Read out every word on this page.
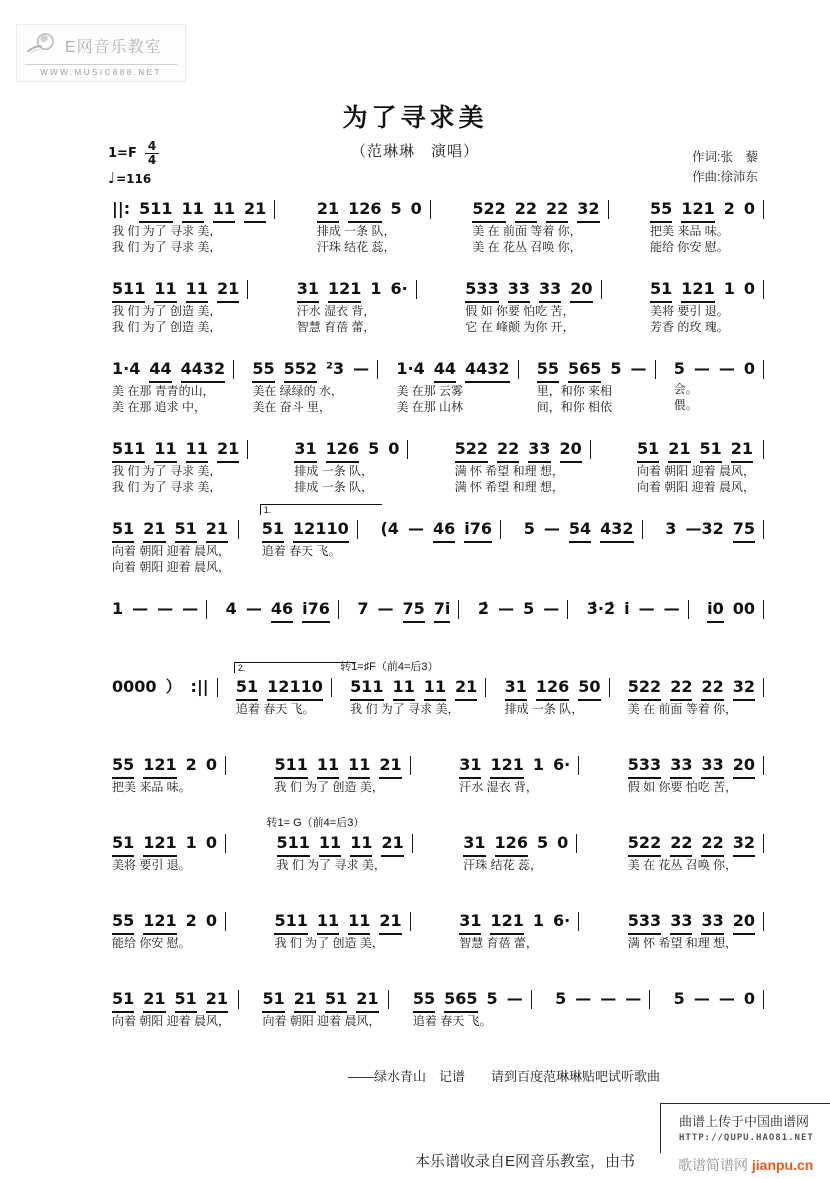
E网音乐教室
WWW.MUSIC888.NET
为了寻求美
（范琳琳　演唱）	作词:张　藜
作曲:徐沛东
$1=F \frac{4}{4}$
♩=116
||: 511 11 11 21
我 们 为了 寻求 美，
我 们 为了 寻求 美，
21 126 5 0
排成 一条 队，
汗珠 结花 蕊，
522 22 22 32
美 在 前面 等着 你，
美 在 花丛 召唤 你，
55 121 2 0
把美 来品 味。
能给 你安 慰。
511 11 11 21
我 们 为了 创造 美，
我 们 为了 创造 美，
31 121 1 6·
汗水 湿衣 背，
智慧 育蓓 蕾，
533 33 33 20
假 如 你要 怕吃 苦，
它 在 峰颠 为你 开，
51 121 1 0
美将 要引 退。
芳香 的玫 瑰。
1·4 44 4432
美 在那 青青的山，
美 在那 追求 中，
55 552 ²3 —
美在 绿绿的 水，
美在 奋斗 里，
1·4 44 4432
美 在那 云雾
美 在那 山林
55 565 5 —
里，和你 来相
间，和你 相依
5 — — 0
会。
偎。
511 11 11 21
我 们 为了 寻求 美，
我 们 为了 寻求 美，
31 126 5 0
排成 一条 队，
排成 一条 队，
522 22 33 20
满 怀 希望 和理 想，
满 怀 希望 和理 想，
51 21 51 21
向着 朝阳 迎着 晨风，
向着 朝阳 迎着 晨风，
51 21 51 21
向着 朝阳 迎着 晨风，
向着 朝阳 迎着 晨风，
1.
51 12110
追着 春天 飞。
(4 — 46 i76 5 — 54 432 3 —32 75
1 — — — 4 — 46 i76 7 — 75 7i 2̇ — 5 — 3̇·2̇ i — — i0 00
0000 ） :||
2.
51 12110
追着 春天 飞。
转1=♯F（前4=后3）
511 11 11 21
我 们 为了 寻求 美，
31 126 50
排成 一条 队，
522 22 22 32
美 在 前面 等着 你，
55 121 2 0
把美 来品 味。
511 11 11 21
我 们 为了 创造 美，
31 121 1 6·
汗水 湿衣 背，
533 33 33 20
假 如 你要 怕吃 苦，
51 121 1 0
美将 要引 退。
转1= G（前4=后3）
511 11 11 21
我 们 为了 寻求 美，
31 126 5 0
汗珠 结花 蕊，
522 22 22 32
美 在 花丛 召唤 你，
55 121 2 0
能给 你安 慰。
511 11 11 21
我 们 为了 创造 美，
31 121 1 6·
智慧 育蓓 蕾，
533 33 33 20
满 怀 希望 和理 想，
51 21 51 21
向着 朝阳 迎着 晨风，
51 21 51 21
向着 朝阳 迎着 晨风，
55 565 5 —
追着 春天 飞。
5 — — — 5 — — 0
——绿水青山　记谱　　请到百度范琳琳贴吧试听歌曲
曲谱上传于中国曲谱网
HTTP://QUPU.HAO81.NET
本乐谱收录自E网音乐教室，由书	歌谱简谱网 jianpu.cn
